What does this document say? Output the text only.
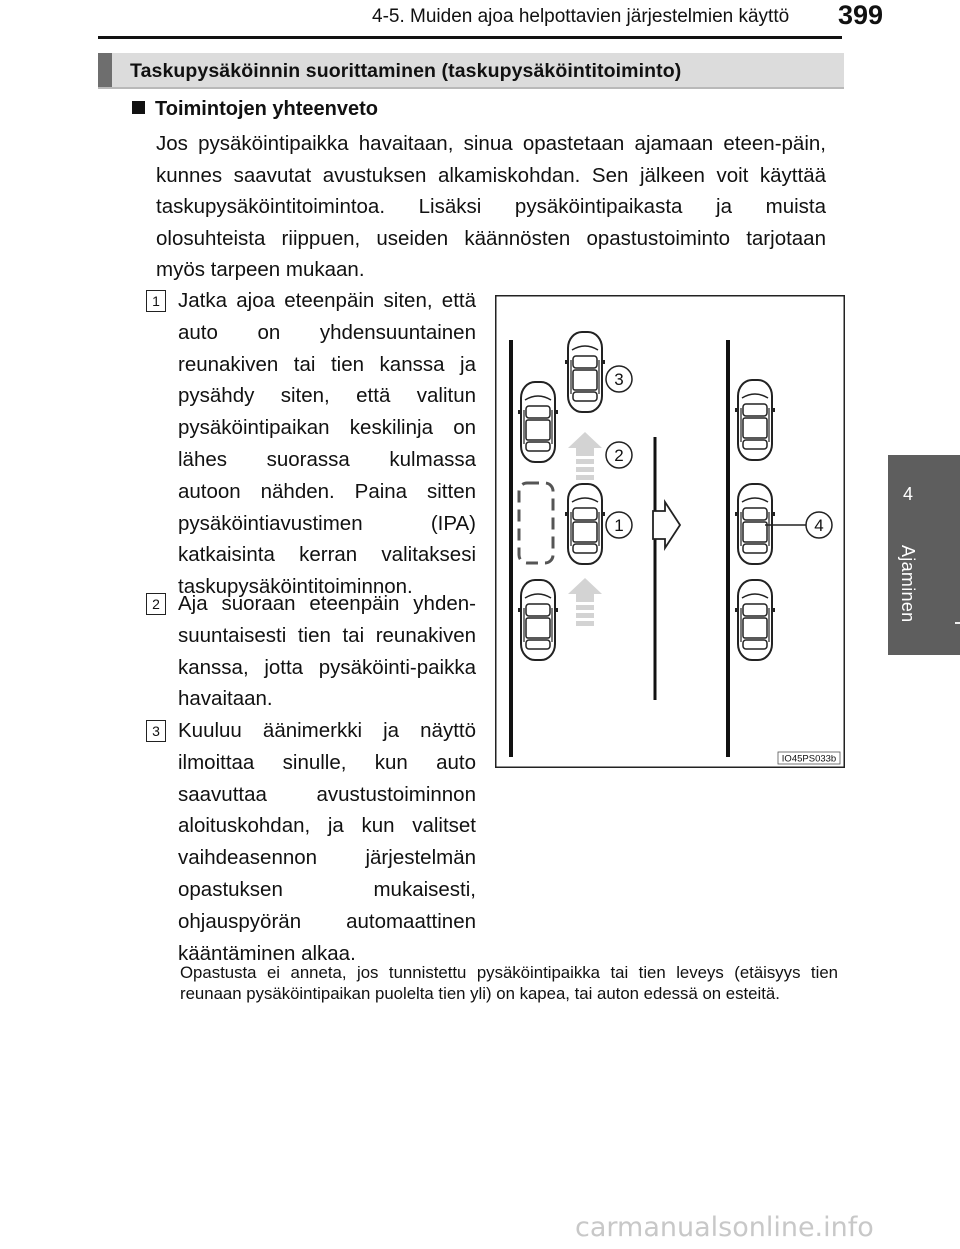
4-5. Muiden ajoa helpottavien järjestelmien käyttö 399
Taskupysäköinnin suorittaminen (taskupysäköintitoiminto)
Toimintojen yhteenveto
Jos pysäköintipaikka havaitaan, sinua opastetaan ajamaan eteen-päin, kunnes saavutat avustuksen alkamiskohdan. Sen jälkeen voit käyttää taskupysäköintitoimintoa. Lisäksi pysäköintipaikasta ja muista olosuhteista riippuen, useiden käännösten opastustoiminto tarjotaan myös tarpeen mukaan.
1 Jatka ajoa eteenpäin siten, että auto on yhdensuuntainen reunakiven tai tien kanssa ja pysähdy siten, että valitun pysäköintipaikan keskilinja on lähes suorassa kulmassa autoon nähden. Paina sitten pysäköintiavustimen (IPA) katkaisinta kerran valitaksesi taskupysäköintitoiminnon.
2 Aja suoraan eteenpäin yhden-suuntaisesti tien tai reunakiven kanssa, jotta pysäköinti-paikka havaitaan.
3 Kuuluu äänimerkki ja näyttö ilmoittaa sinulle, kun auto saavuttaa avustustoiminnon aloituskohdan, ja kun valitset vaihdeasennon järjestelmän opastuksen mukaisesti, ohjauspyörän automaattinen kääntäminen alkaa.
Opastusta ei anneta, jos tunnistettu pysäköintipaikka tai tien leveys (etäisyys tien reunaan pysäköintipaikan puolelta tien yli) on kapea, tai auton edessä on esteitä.
3
2
1	4
IO45PS033b
4
Ajaminen
carmanualsonline.info
